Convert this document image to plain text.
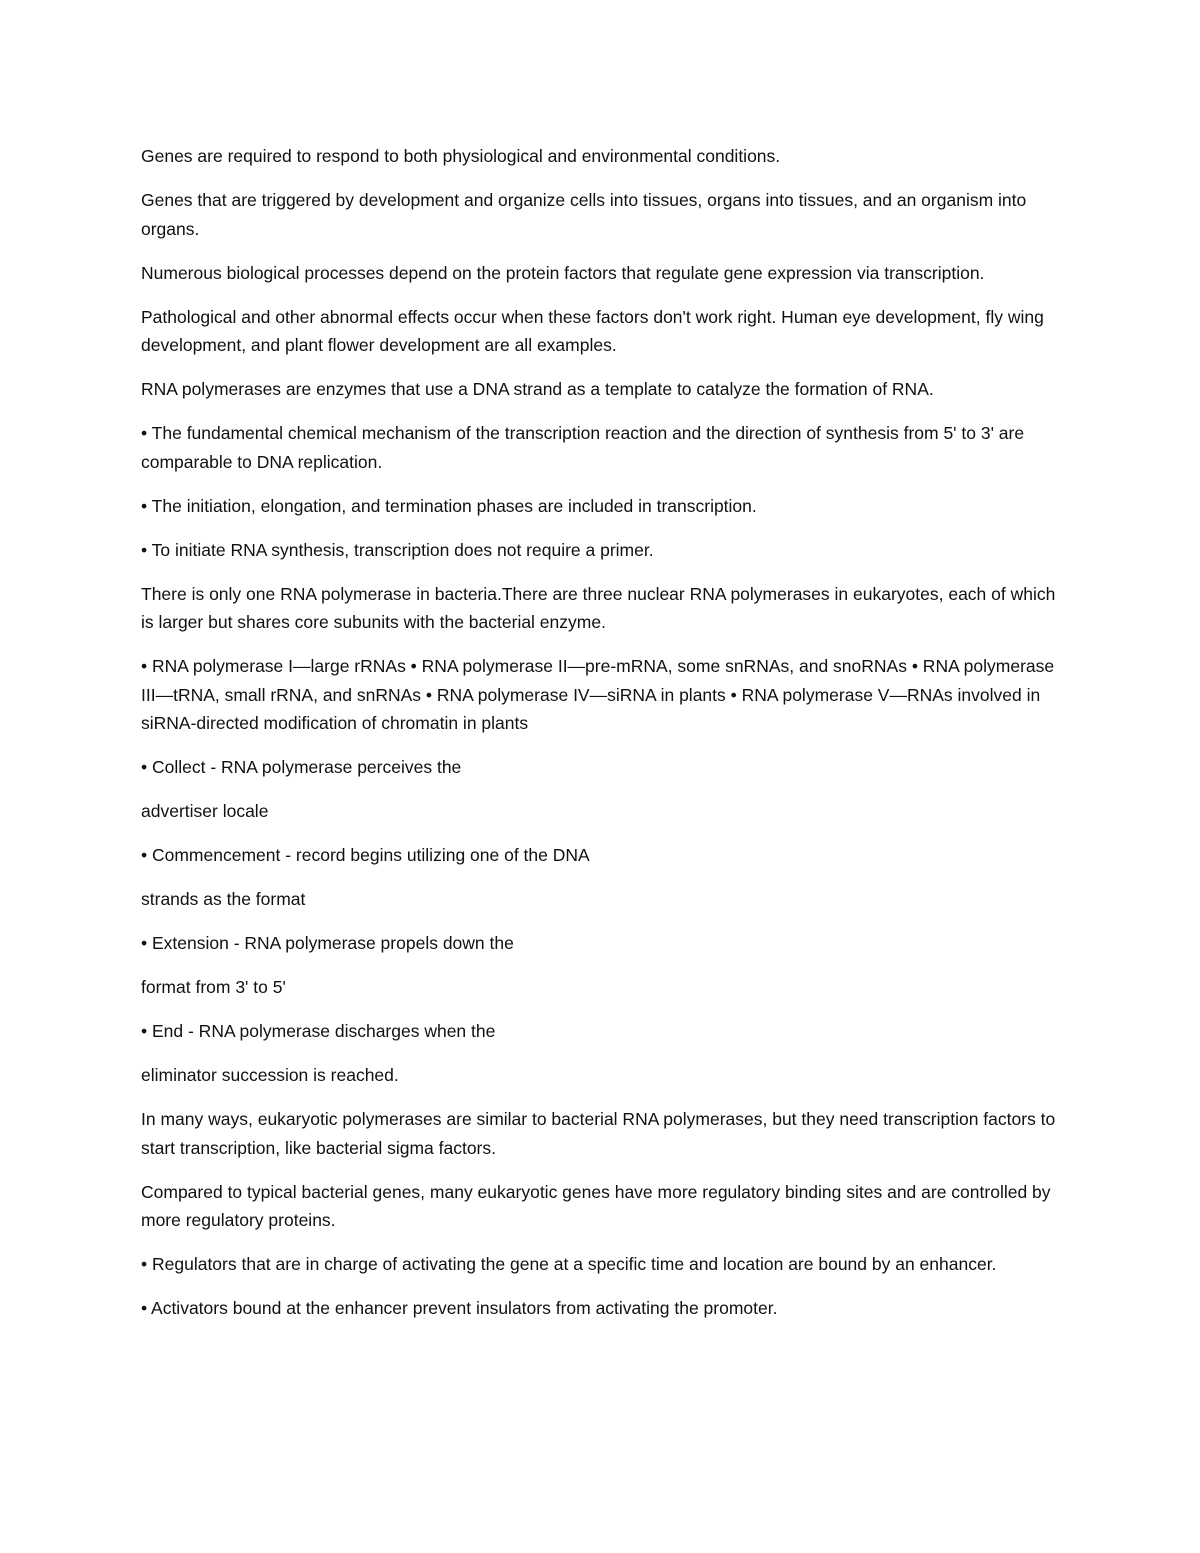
Genes are required to respond to both physiological and environmental conditions.

Genes that are triggered by development and organize cells into tissues, organs into tissues, and an organism into organs.

Numerous biological processes depend on the protein factors that regulate gene expression via transcription.

Pathological and other abnormal effects occur when these factors don't work right. Human eye development, fly wing development, and plant flower development are all examples.

RNA polymerases are enzymes that use a DNA strand as a template to catalyze the formation of RNA.

• The fundamental chemical mechanism of the transcription reaction and the direction of synthesis from 5' to 3' are comparable to DNA replication.

• The initiation, elongation, and termination phases are included in transcription.

• To initiate RNA synthesis, transcription does not require a primer.

There is only one RNA polymerase in bacteria.There are three nuclear RNA polymerases in eukaryotes, each of which is larger but shares core subunits with the bacterial enzyme.

• RNA polymerase I—large rRNAs • RNA polymerase II—pre-mRNA, some snRNAs, and snoRNAs • RNA polymerase III—tRNA, small rRNA, and snRNAs • RNA polymerase IV—siRNA in plants • RNA polymerase V—RNAs involved in siRNA-directed modification of chromatin in plants

• Collect - RNA polymerase perceives the

advertiser locale

• Commencement - record begins utilizing one of the DNA

strands as the format

• Extension - RNA polymerase propels down the

format from 3' to 5'

• End - RNA polymerase discharges when the

eliminator succession is reached.

In many ways, eukaryotic polymerases are similar to bacterial RNA polymerases, but they need transcription factors to start transcription, like bacterial sigma factors.

Compared to typical bacterial genes, many eukaryotic genes have more regulatory binding sites and are controlled by more regulatory proteins.

• Regulators that are in charge of activating the gene at a specific time and location are bound by an enhancer.

• Activators bound at the enhancer prevent insulators from activating the promoter.
